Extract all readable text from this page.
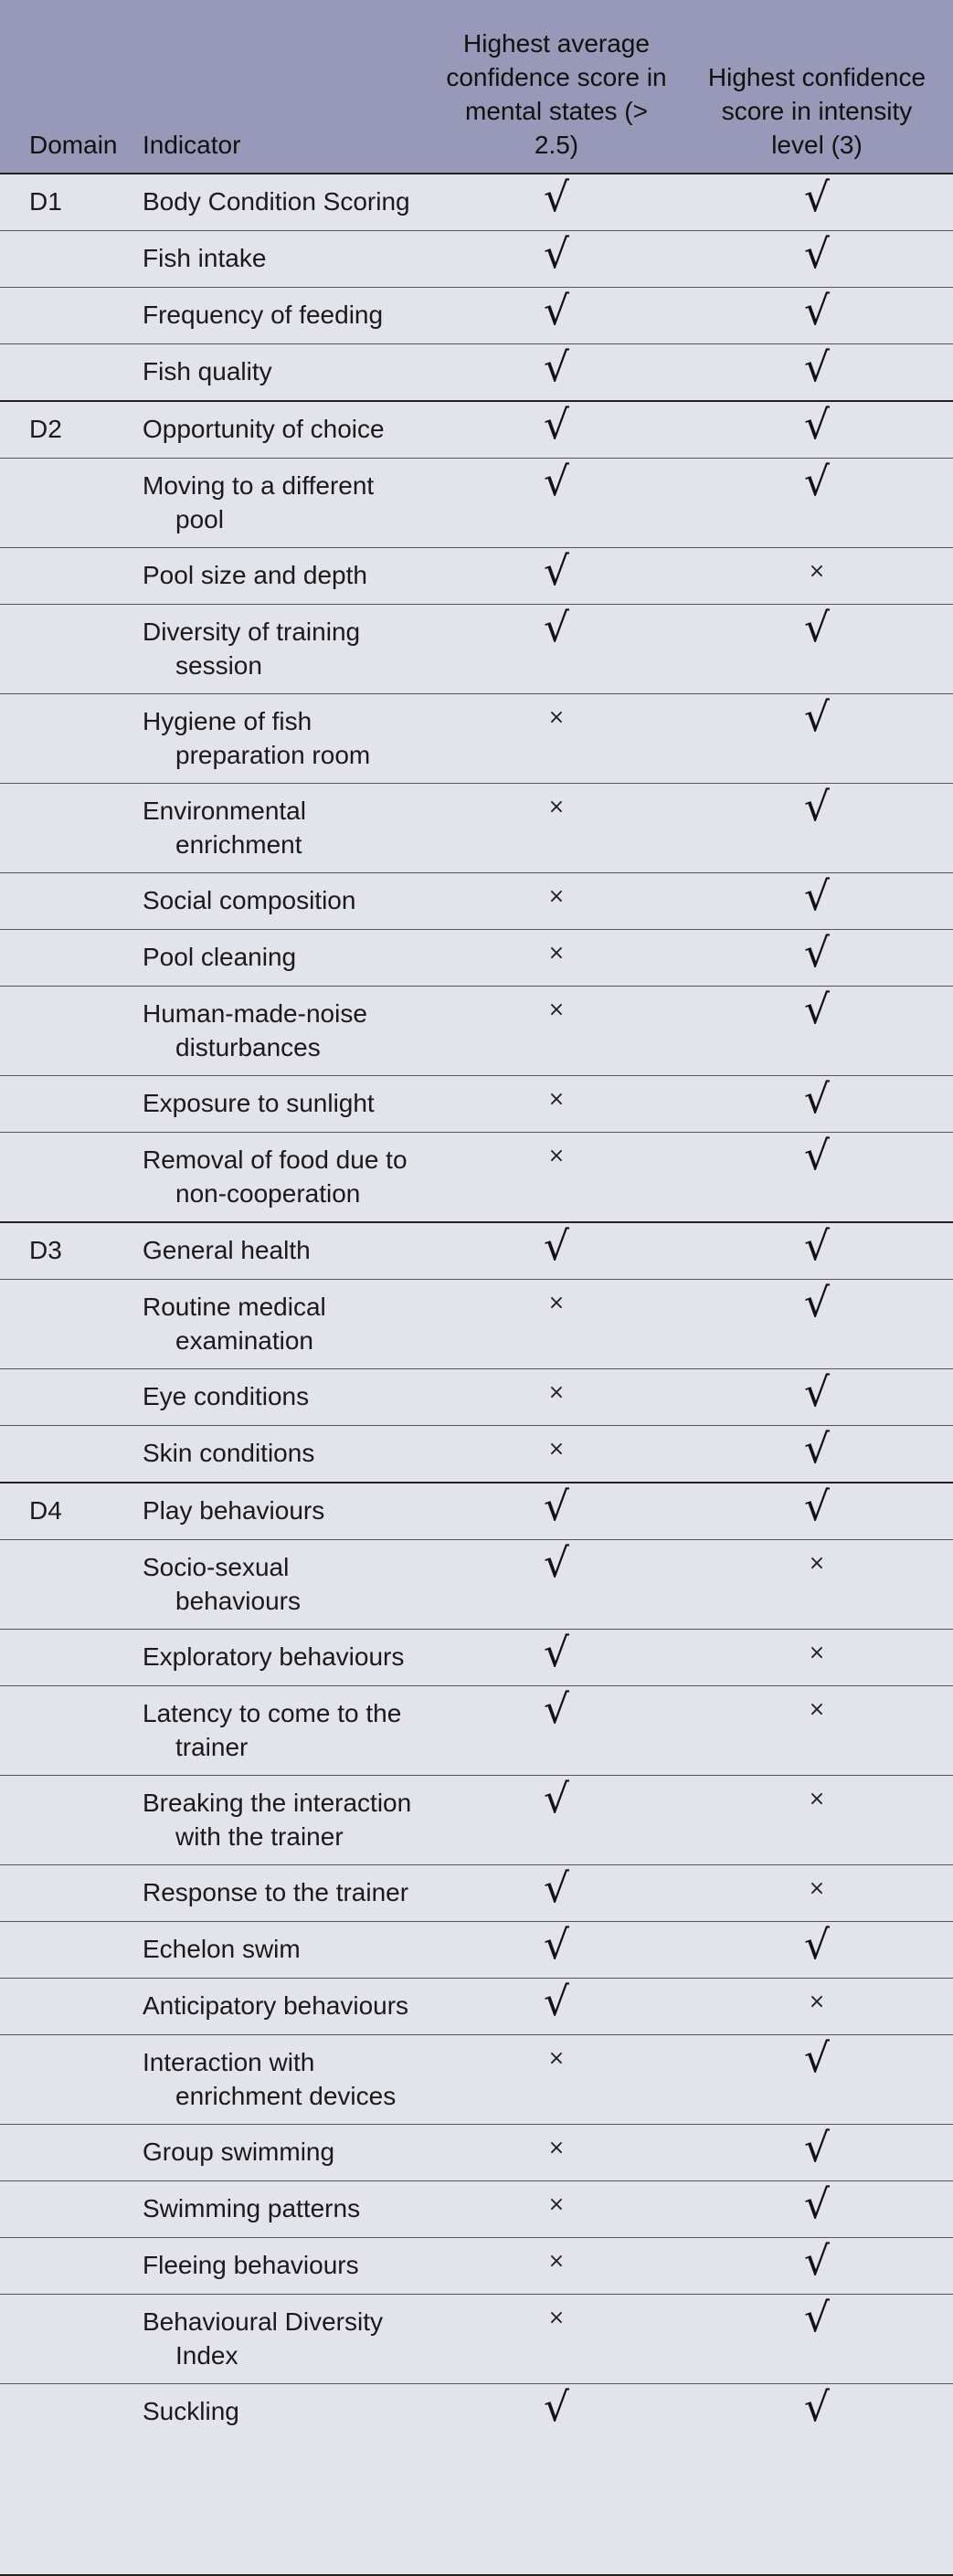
Domain	Indicator	Highest average confidence score in mental states (> 2.5)	Highest confidence score in intensity level (3)
D1	Body Condition Scoring	√	√

	Fish intake	√	√

	Frequency of feeding	√	√

	Fish quality	√	√
D2	Opportunity of choice	√	√

	Moving to a different pool	√	√

	Pool size and depth	√	×

	Diversity of training session	√	√

	Hygiene of fish preparation room	×	√

	Environmental enrichment	×	√

	Social composition	×	√

	Pool cleaning	×	√

	Human-made-noise disturbances	×	√

	Exposure to sunlight	×	√

	Removal of food due to non-cooperation	×	√
D3	General health	√	√

	Routine medical examination	×	√

	Eye conditions	×	√

	Skin conditions	×	√
D4	Play behaviours	√	√

	Socio-sexual behaviours	√	×

	Exploratory behaviours	√	×

	Latency to come to the trainer	√	×

	Breaking the interaction with the trainer	√	×

	Response to the trainer	√	×

	Echelon swim	√	√

	Anticipatory behaviours	√	×

	Interaction with enrichment devices	×	√

	Group swimming	×	√

	Swimming patterns	×	√

	Fleeing behaviours	×	√

	Behavioural Diversity Index	×	√

	Suckling	√	√
